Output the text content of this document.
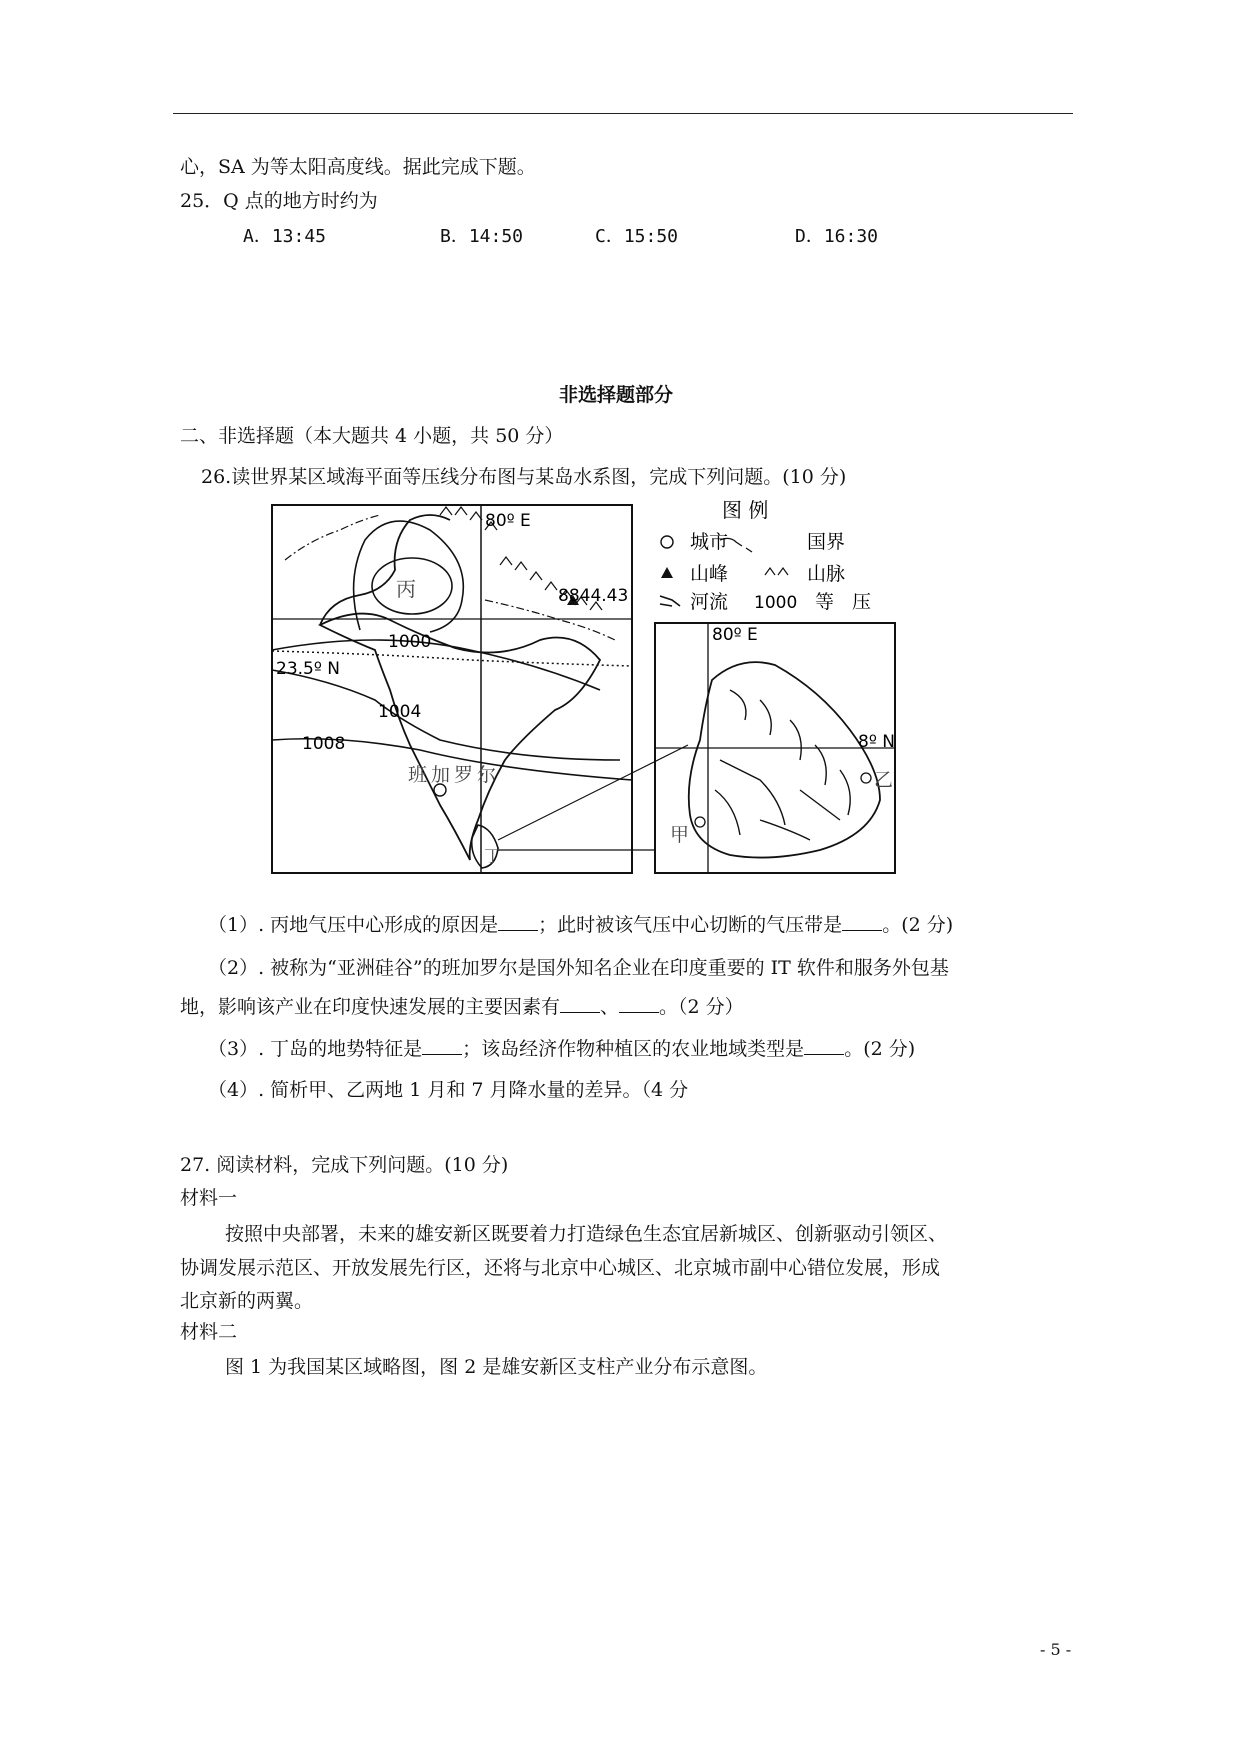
心，SA 为等太阳高度线。据此完成下题。
25．Q 点的地方时约为
A．13:45	B．14:50	C．15:50	D．16:30
非选择题部分
二、非选择题（本大题共 4 小题，共 50 分）
26.读世界某区域海平面等压线分布图与某岛水系图，完成下列问题。(10 分)
80º E
80º E
23.5º N
8º N
8844.43
1000
1004
1008
丙
班加罗尔
丁
甲
乙
图 例
城市	国界
山峰	山脉
河流 1000 等 压
（1）. 丙地气压中心形成的原因是 ；此时被该气压中心切断的气压带是 。(2 分)
（2）. 被称为“亚洲硅谷”的班加罗尔是国外知名企业在印度重要的 IT 软件和服务外包基
地，影响该产业在印度快速发展的主要因素有 、 。（2 分）
（3）. 丁岛的地势特征是 ；该岛经济作物种植区的农业地域类型是 。(2 分)
（4）. 简析甲、乙两地 1 月和 7 月降水量的差异。（4 分
27. 阅读材料，完成下列问题。(10 分)
材料一
按照中央部署，未来的雄安新区既要着力打造绿色生态宜居新城区、创新驱动引领区、
协调发展示范区、开放发展先行区，还将与北京中心城区、北京城市副中心错位发展，形成
北京新的两翼。
材料二
图 1 为我国某区域略图，图 2 是雄安新区支柱产业分布示意图。
- 5 -
